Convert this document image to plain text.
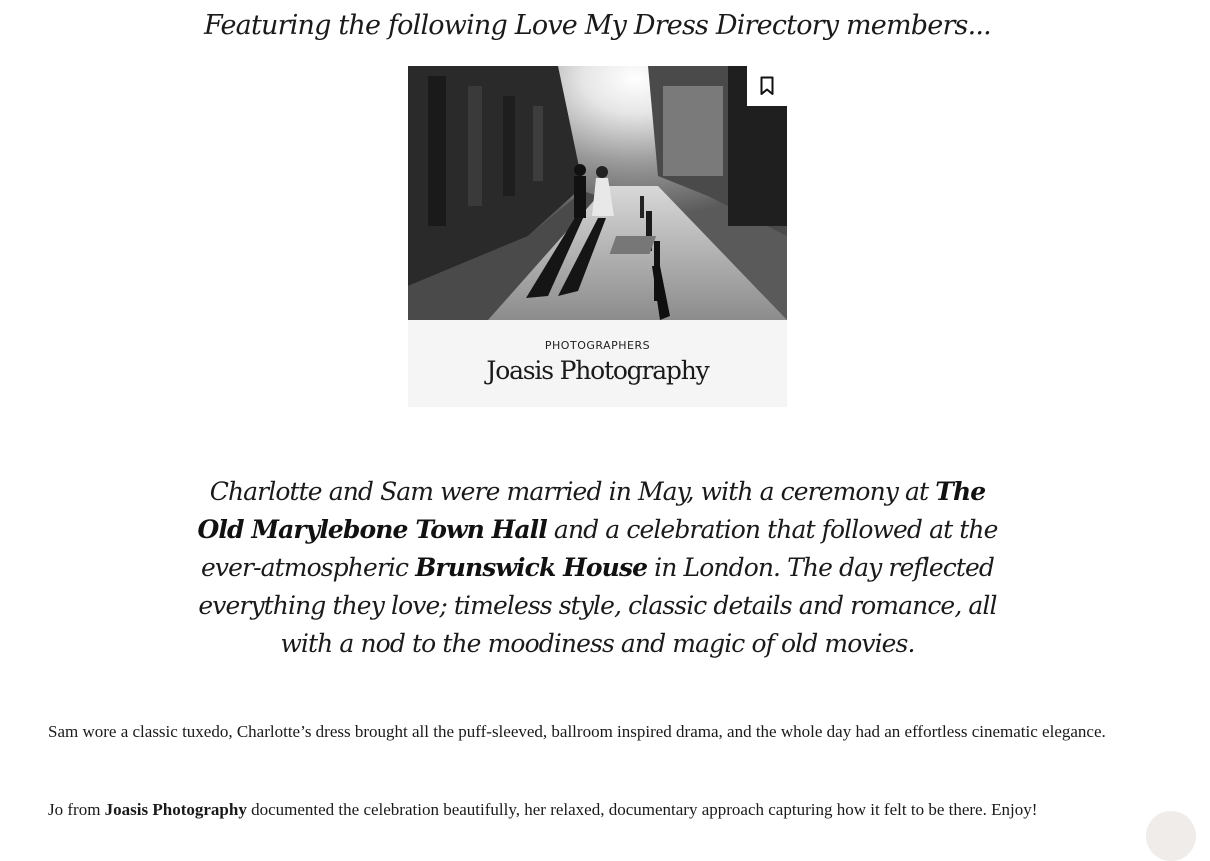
Featuring the following Love My Dress Directory members...
PHOTOGRAPHERS
Joasis Photography

Charlotte and Sam were married in May, with a ceremony at The Old Marylebone Town Hall and a celebration that followed at the ever-atmospheric Brunswick House in London. The day reflected everything they love; timeless style, classic details and romance, all with a nod to the moodiness and magic of old movies.

Sam wore a classic tuxedo, Charlotte’s dress brought all the puff-sleeved, ballroom inspired drama, and the whole day had an effortless cinematic elegance.

Jo from Joasis Photography documented the celebration beautifully, her relaxed, documentary approach capturing how it felt to be there. Enjoy!
